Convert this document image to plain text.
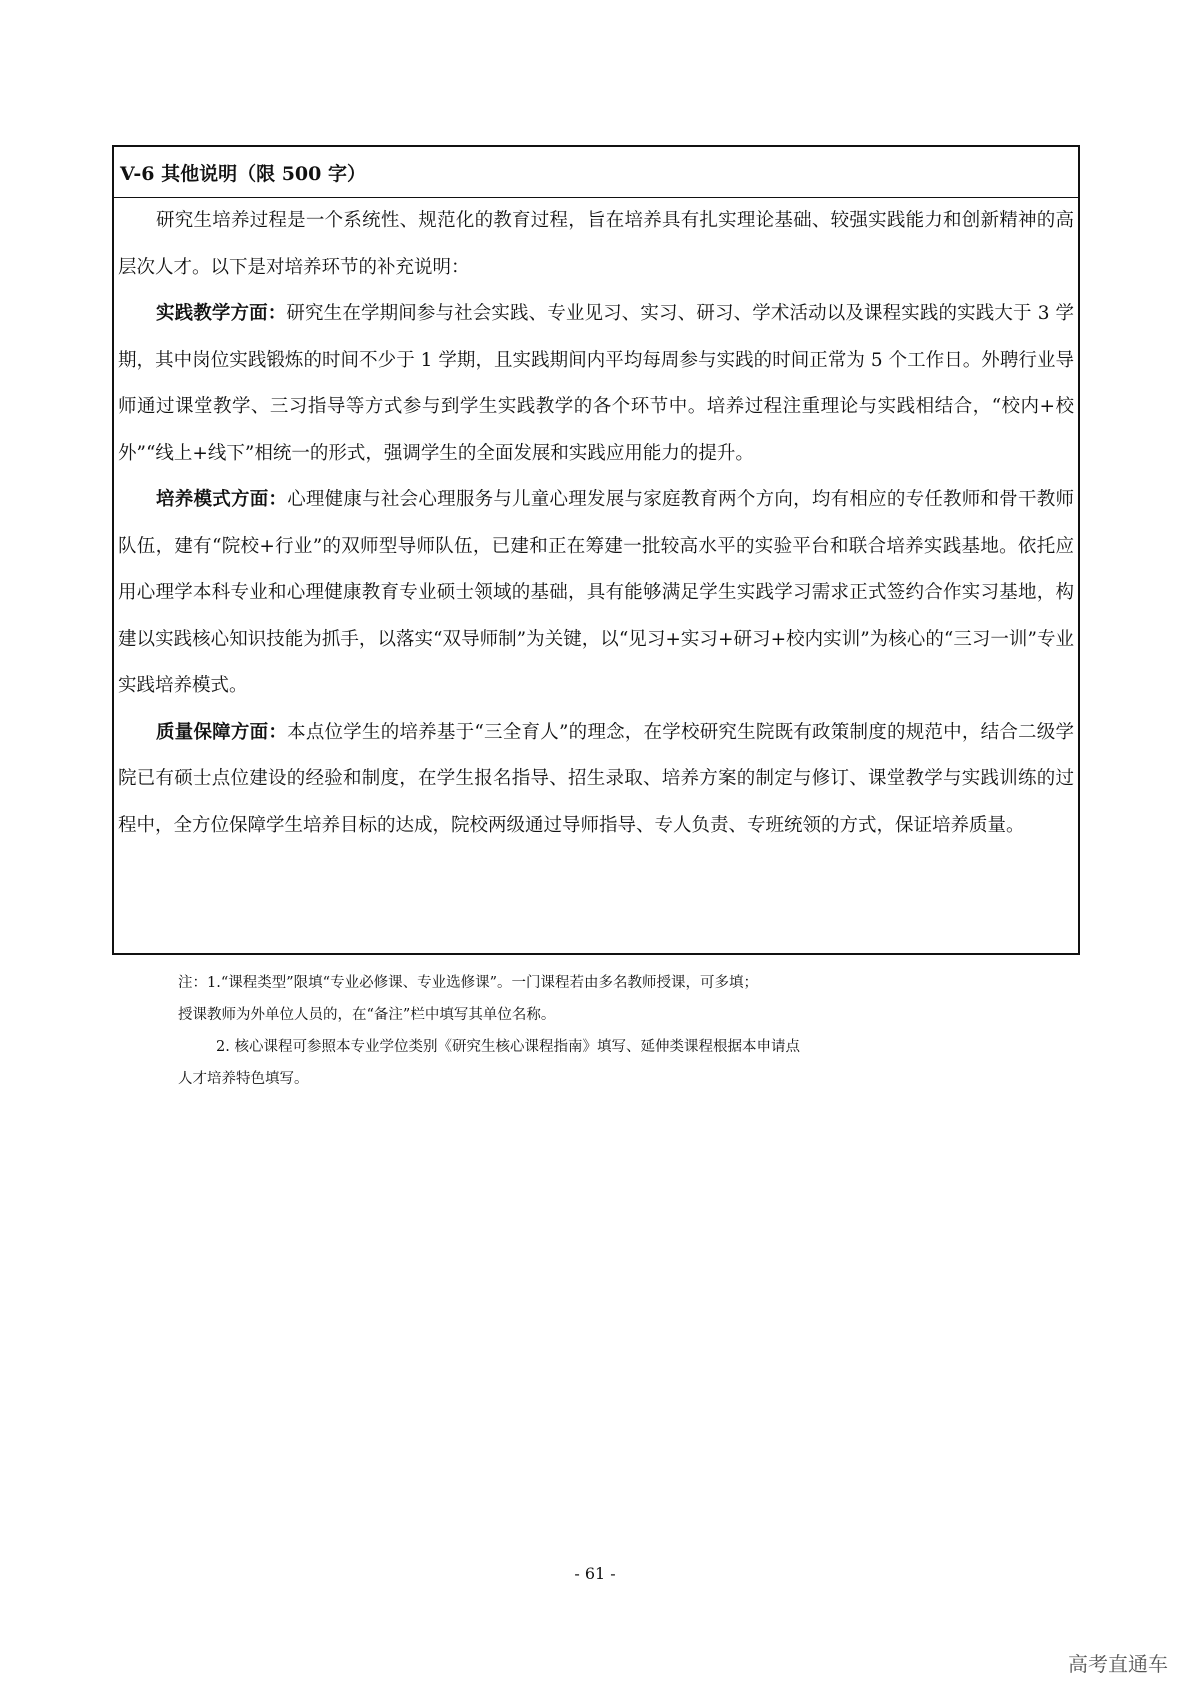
V-6 其他说明（限 500 字）

研究生培养过程是一个系统性、规范化的教育过程，旨在培养具有扎实理论基础、较强实践能力和创新精神的高层次人才。以下是对培养环节的补充说明：

实践教学方面：研究生在学期间参与社会实践、专业见习、实习、研习、学术活动以及课程实践的实践大于 3 学期，其中岗位实践锻炼的时间不少于 1 学期，且实践期间内平均每周参与实践的时间正常为 5 个工作日。外聘行业导师通过课堂教学、三习指导等方式参与到学生实践教学的各个环节中。培养过程注重理论与实践相结合，“校内+校外”“线上+线下”相统一的形式，强调学生的全面发展和实践应用能力的提升。

培养模式方面：心理健康与社会心理服务与儿童心理发展与家庭教育两个方向，均有相应的专任教师和骨干教师队伍，建有“院校+行业”的双师型导师队伍，已建和正在筹建一批较高水平的实验平台和联合培养实践基地。依托应用心理学本科专业和心理健康教育专业硕士领域的基础，具有能够满足学生实践学习需求正式签约合作实习基地，构建以实践核心知识技能为抓手，以落实“双导师制”为关键，以“见习+实习+研习+校内实训”为核心的“三习一训”专业实践培养模式。

质量保障方面：本点位学生的培养基于“三全育人”的理念，在学校研究生院既有政策制度的规范中，结合二级学院已有硕士点位建设的经验和制度，在学生报名指导、招生录取、培养方案的制定与修订、课堂教学与实践训练的过程中，全方位保障学生培养目标的达成，院校两级通过导师指导、专人负责、专班统领的方式，保证培养质量。

注：1.“课程类型”限填“专业必修课、专业选修课”。一门课程若由多名教师授课，可多填；

授课教师为外单位人员的，在“备注”栏中填写其单位名称。

2. 核心课程可参照本专业学位类别《研究生核心课程指南》填写、延伸类课程根据本申请点

人才培养特色填写。

- 61 -
高考直通车
